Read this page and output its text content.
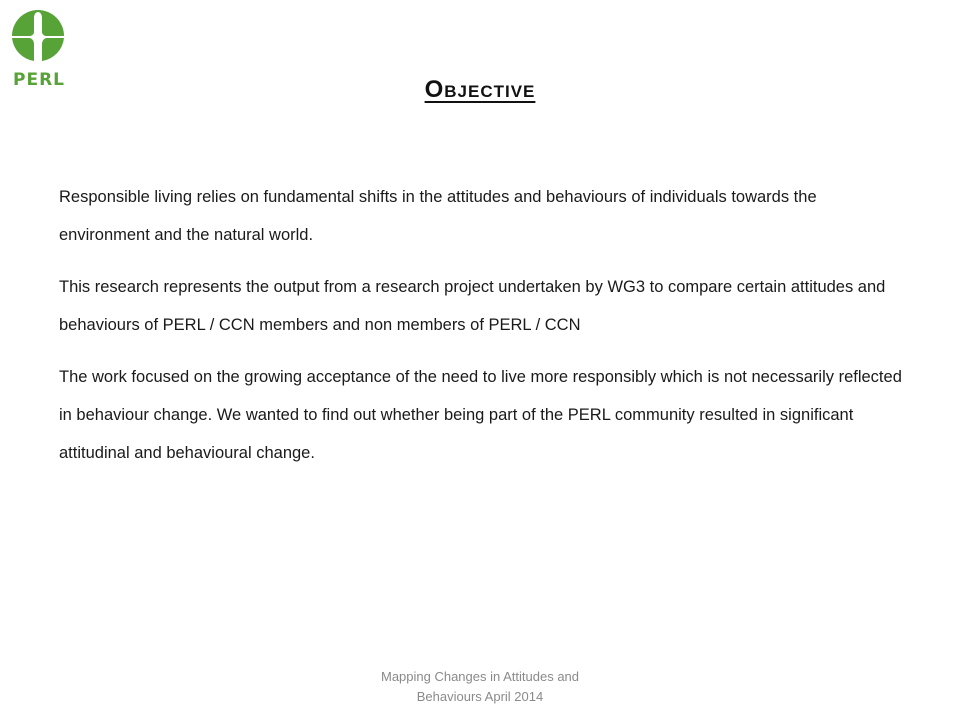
PERL	Objective

Responsible living relies on fundamental shifts in the attitudes and behaviours of individuals towards the environment and the natural world.

This research represents the output from a research project undertaken by WG3 to compare certain attitudes and behaviours of PERL / CCN members and non members of PERL / CCN

The work focused on the growing acceptance of the need to live more responsibly which is not necessarily reflected in behaviour change. We wanted to find out whether being part of the PERL community resulted in significant attitudinal and behavioural change.

Mapping Changes in Attitudes and
Behaviours April 2014
